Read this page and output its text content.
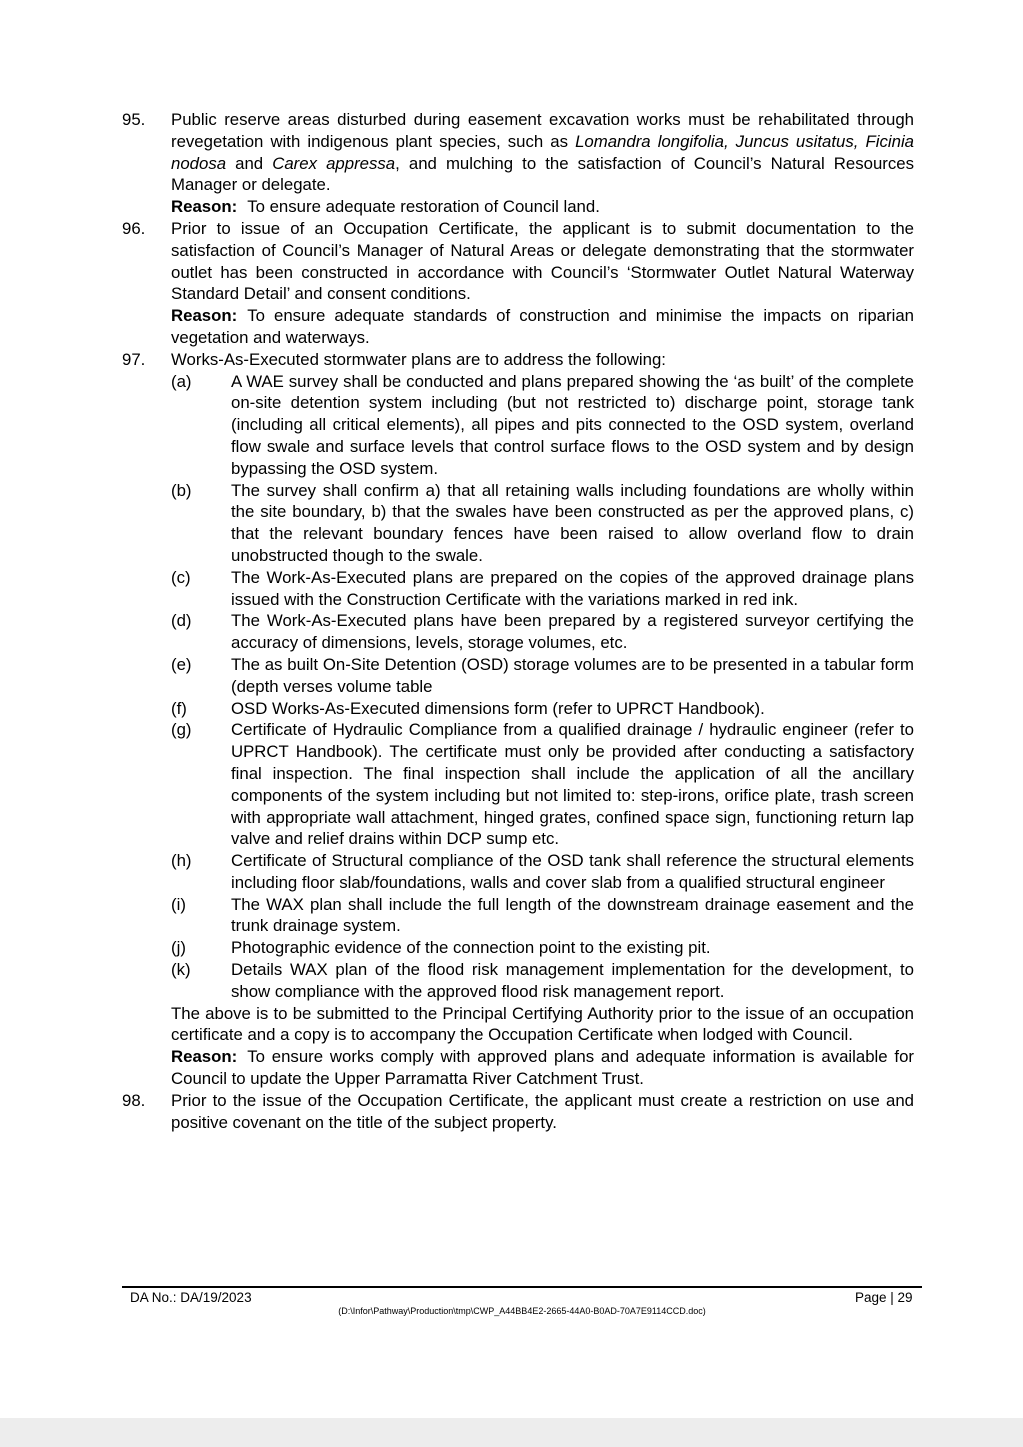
95.	Public reserve areas disturbed during easement excavation works must be rehabilitated through revegetation with indigenous plant species, such as Lomandra longifolia, Juncus usitatus, Ficinia nodosa and Carex appressa, and mulching to the satisfaction of Council’s Natural Resources Manager or delegate.
Reason: To ensure adequate restoration of Council land.
96.	Prior to issue of an Occupation Certificate, the applicant is to submit documentation to the satisfaction of Council’s Manager of Natural Areas or delegate demonstrating that the stormwater outlet has been constructed in accordance with Council’s ‘Stormwater Outlet Natural Waterway Standard Detail’ and consent conditions.
Reason: To ensure adequate standards of construction and minimise the impacts on riparian vegetation and waterways.
97.	Works-As-Executed stormwater plans are to address the following:
(a)	A WAE survey shall be conducted and plans prepared showing the ‘as built’ of the complete on-site detention system including (but not restricted to) discharge point, storage tank (including all critical elements), all pipes and pits connected to the OSD system, overland flow swale and surface levels that control surface flows to the OSD system and by design bypassing the OSD system.
(b)	The survey shall confirm a) that all retaining walls including foundations are wholly within the site boundary, b) that the swales have been constructed as per the approved plans, c) that the relevant boundary fences have been raised to allow overland flow to drain unobstructed though to the swale.
(c)	The Work-As-Executed plans are prepared on the copies of the approved drainage plans issued with the Construction Certificate with the variations marked in red ink.
(d)	The Work-As-Executed plans have been prepared by a registered surveyor certifying the accuracy of dimensions, levels, storage volumes, etc.
(e)	The as built On-Site Detention (OSD) storage volumes are to be presented in a tabular form (depth verses volume table
(f)	OSD Works-As-Executed dimensions form (refer to UPRCT Handbook).
(g)	Certificate of Hydraulic Compliance from a qualified drainage / hydraulic engineer (refer to UPRCT Handbook). The certificate must only be provided after conducting a satisfactory final inspection. The final inspection shall include the application of all the ancillary components of the system including but not limited to: step-irons, orifice plate, trash screen with appropriate wall attachment, hinged grates, confined space sign, functioning return lap valve and relief drains within DCP sump etc.
(h)	Certificate of Structural compliance of the OSD tank shall reference the structural elements including floor slab/foundations, walls and cover slab from a qualified structural engineer
(i)	The WAX plan shall include the full length of the downstream drainage easement and the trunk drainage system.
(j)	Photographic evidence of the connection point to the existing pit.
(k)	Details WAX plan of the flood risk management implementation for the development, to show compliance with the approved flood risk management report.
The above is to be submitted to the Principal Certifying Authority prior to the issue of an occupation certificate and a copy is to accompany the Occupation Certificate when lodged with Council.
Reason: To ensure works comply with approved plans and adequate information is available for Council to update the Upper Parramatta River Catchment Trust.
98.	Prior to the issue of the Occupation Certificate, the applicant must create a restriction on use and positive covenant on the title of the subject property.
DA No.: DA/19/2023	Page | 29
(D:\Infor\Pathway\Production\tmp\CWP_A44BB4E2-2665-44A0-B0AD-70A7E9114CCD.doc)
